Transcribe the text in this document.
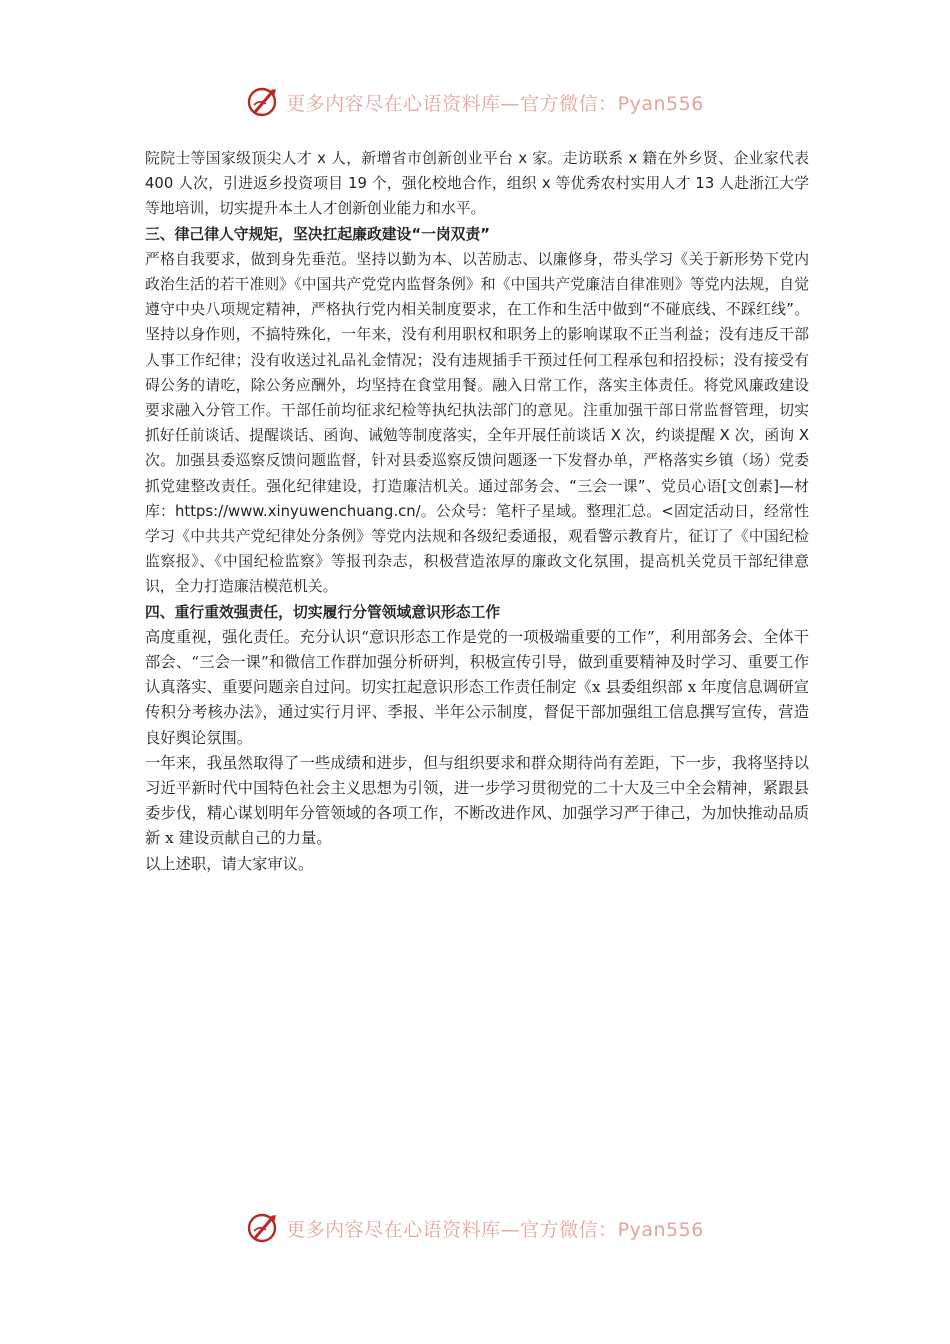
更多内容尽在心语资料库—官方微信：Pyan556

院院士等国家级顶尖人才 x 人，新增省市创新创业平台 x 家。走访联系 x 籍在外乡贤、企业家代表 400 人次，引进返乡投资项目 19 个，强化校地合作，组织 x 等优秀农村实用人才 13 人赴浙江大学等地培训，切实提升本土人才创新创业能力和水平。

三、律己律人守规矩，坚决扛起廉政建设“一岗双责”

严格自我要求，做到身先垂范。坚持以勤为本、以苦励志、以廉修身，带头学习《关于新形势下党内政治生活的若干准则》《中国共产党党内监督条例》和《中国共产党廉洁自律准则》等党内法规，自觉遵守中央八项规定精神，严格执行党内相关制度要求，在工作和生活中做到“不碰底线、不踩红线”。坚持以身作则，不搞特殊化，一年来，没有利用职权和职务上的影响谋取不正当利益；没有违反干部人事工作纪律；没有收送过礼品礼金情况；没有违规插手干预过任何工程承包和招投标；没有接受有碍公务的请吃，除公务应酬外，均坚持在食堂用餐。融入日常工作，落实主体责任。将党风廉政建设要求融入分管工作。干部任前均征求纪检等执纪执法部门的意见。注重加强干部日常监督管理，切实抓好任前谈话、提醒谈话、函询、诫勉等制度落实，全年开展任前谈话 X 次，约谈提醒 X 次，函询 X 次。加强县委巡察反馈问题监督，针对县委巡察反馈问题逐一下发督办单，严格落实乡镇（场）党委抓党建整改责任。强化纪律建设，打造廉洁机关。通过部务会、“三会一课”、党员心语[文创素]—材库：https://www.xinyuwenchuang.cn/。公众号：笔杆子星域。整理汇总。<固定活动日，经常性学习《中共共产党纪律处分条例》等党内法规和各级纪委通报，观看警示教育片，征订了《中国纪检监察报》、《中国纪检监察》等报刊杂志，积极营造浓厚的廉政文化氛围，提高机关党员干部纪律意识，全力打造廉洁模范机关。

四、重行重效强责任，切实履行分管领域意识形态工作

高度重视，强化责任。充分认识“意识形态工作是党的一项极端重要的工作”，利用部务会、全体干部会、“三会一课”和微信工作群加强分析研判，积极宣传引导，做到重要精神及时学习、重要工作认真落实、重要问题亲自过问。切实扛起意识形态工作责任制定《x 县委组织部 x 年度信息调研宣传积分考核办法》，通过实行月评、季报、半年公示制度，督促干部加强组工信息撰写宣传，营造良好舆论氛围。

一年来，我虽然取得了一些成绩和进步，但与组织要求和群众期待尚有差距，下一步，我将坚持以习近平新时代中国特色社会主义思想为引领，进一步学习贯彻党的二十大及三中全会精神，紧跟县委步伐，精心谋划明年分管领域的各项工作，不断改进作风、加强学习严于律己，为加快推动品质新 x 建设贡献自己的力量。

以上述职，请大家审议。

更多内容尽在心语资料库—官方微信：Pyan556
